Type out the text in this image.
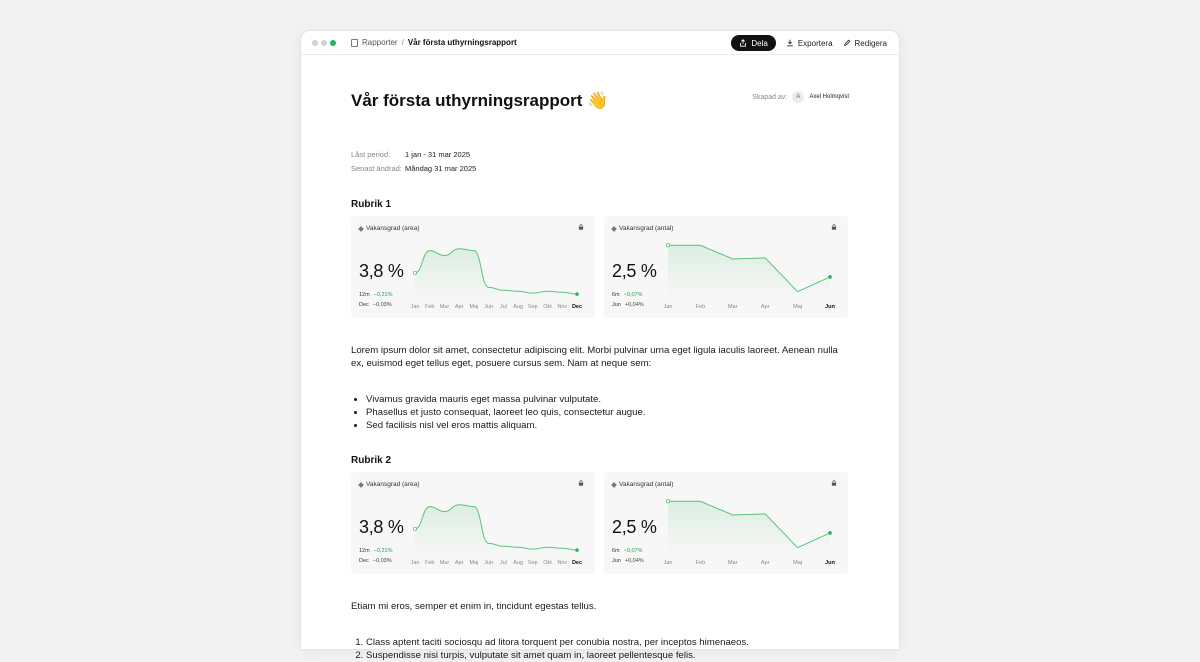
Rapporter / Vår första uthyrningsrapport	Dela	Exportera	Redigera
Vår första uthyrningsrapport 👋	Skapad av:	A	Axel Holmqvist
Låst period:	1 jan - 31 mar 2025
Senast ändrad: Måndag 31 mar 2025
Rubrik 1
Vakansgrad (area)
3,8 %
12m −0,21%
Dec −0,03%	Jan Feb Mar Apr Maj Jun Jul Aug Sep Okt Nov Dec
Vakansgrad (antal)
2,5 %
6m −0,07%
Jun +0,04%	Jan	Feb	Mar	Apr	Maj	Jun
Lorem ipsum dolor sit amet, consectetur adipiscing elit. Morbi pulvinar urna eget ligula iaculis laoreet. Aenean nulla ex, euismod eget tellus eget, posuere cursus sem. Nam at neque sem:
• Vivamus gravida mauris eget massa pulvinar vulputate.
• Phasellus et justo consequat, laoreet leo quis, consectetur augue.
• Sed facilisis nisl vel eros mattis aliquam.
Rubrik 2
Vakansgrad (area)
3,8 %
12m −0,21%
Dec −0,03%	Jan Feb Mar Apr Maj Jun Jul Aug Sep Okt Nov Dec
Vakansgrad (antal)
2,5 %
6m −0,07%
Jun +0,04%	Jan	Feb	Mar	Apr	Maj	Jun
Etiam mi eros, semper et enim in, tincidunt egestas tellus.
1. Class aptent taciti sociosqu ad litora torquent per conubia nostra, per inceptos himenaeos.
2. Suspendisse nisi turpis, vulputate sit amet quam in, laoreet pellentesque felis.
